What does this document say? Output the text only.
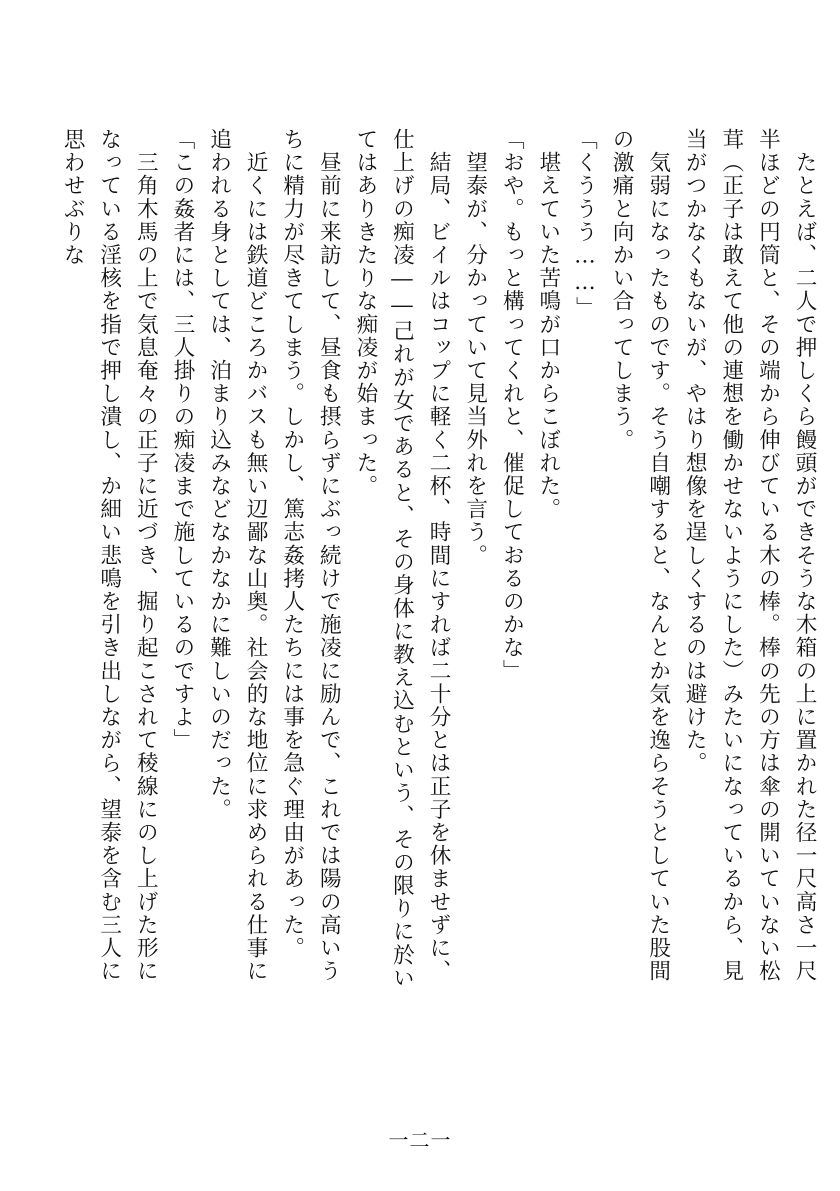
　たとえば、二人で押しくら饅頭ができそうな木箱の上に置かれた径一尺高さ一尺半ほどの円筒と、その端から伸びている木の棒。棒の先の方は傘の開いていない松茸（正子は敢えて他の連想を働かせないようにした）みたいになっているから、見当がつかなくもないが、やはり想像を逞しくするのは避けた。

　気弱になったものです。そう自嘲すると、なんとか気を逸らそうとしていた股間の激痛と向かい合ってしまう。

「くううう……」

　堪えていた苦鳴が口からこぼれた。

「おや。もっと構ってくれと、催促しておるのかな」

　望泰が、分かっていて見当外れを言う。

　結局、ビイルはコップに軽く二杯、時間にすれば二十分とは正子を休ませずに、仕上げの痴凌――己れが女であると、その身体に教え込むという、その限りに於いてはありきたりな痴凌が始まった。

　昼前に来訪して、昼食も摂らずにぶっ続けで施凌に励んで、これでは陽の高いうちに精力が尽きてしまう。しかし、篤志姦拷人たちには事を急ぐ理由があった。

　近くには鉄道どころかバスも無い辺鄙な山奥。社会的な地位に求められる仕事に追われる身としては、泊まり込みなどなかなかに難しいのだった。

「この姦者には、三人掛りの痴凌まで施しているのですよ」

　三角木馬の上で気息奄々の正子に近づき、掘り起こされて稜線にのし上げた形になっている淫核を指で押し潰し、か細い悲鳴を引き出しながら、望泰を含む三人に思わせぶりな

一二一
